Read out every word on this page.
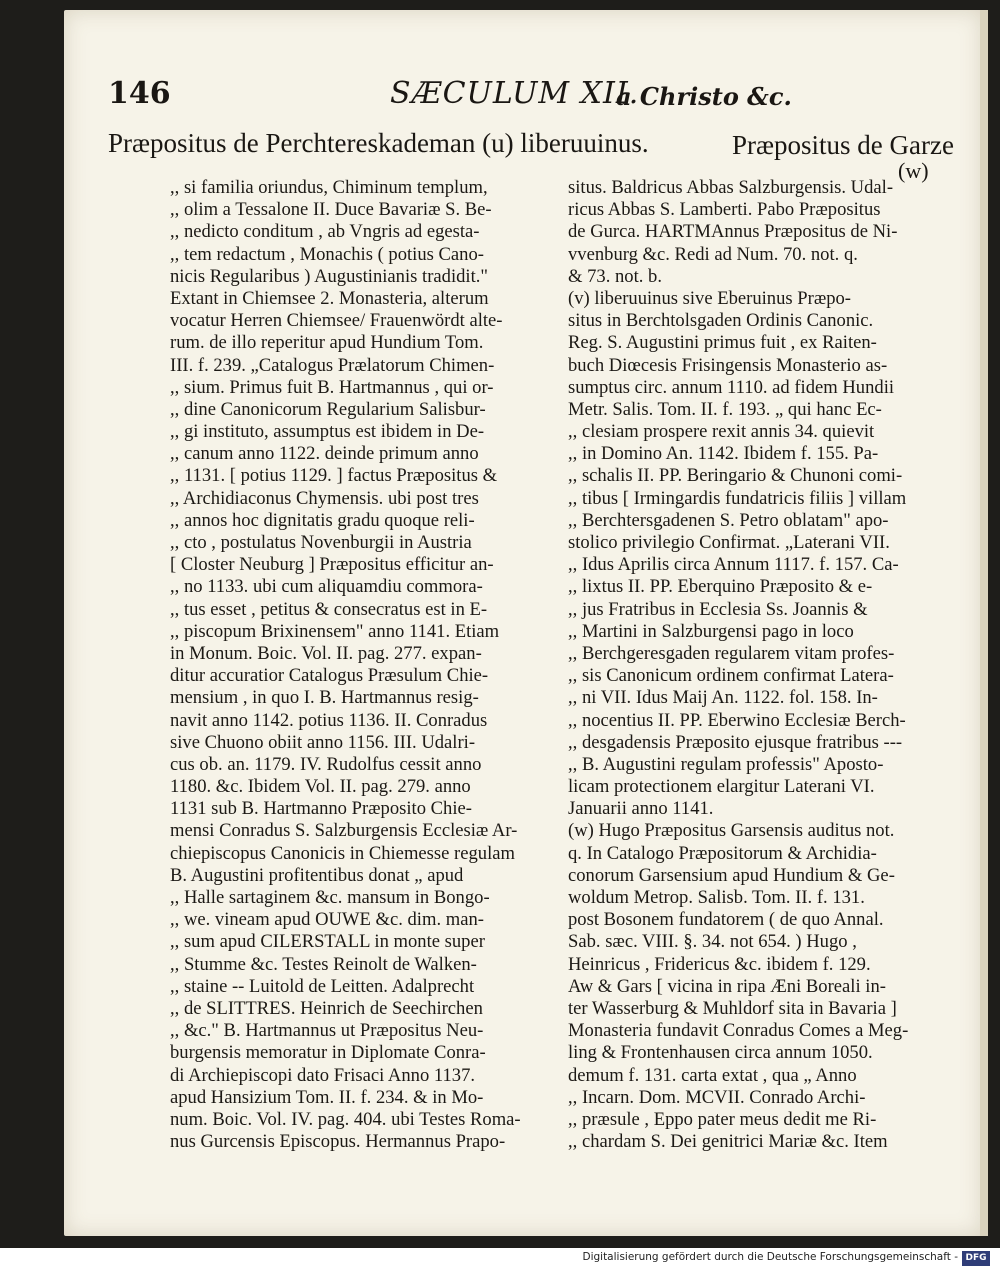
146	SÆCULUM XII.
a Christo &c.
Præpositus de Perchtereskademan (u) liberuuinus.	Præpositus de Garze
(w)
,, si familia oriundus, Chiminum templum,
,, olim a Tessalone II. Duce Bavariæ S. Be-
,, nedicto conditum , ab Vngris ad egesta-
,, tem redactum , Monachis ( potius Cano-
nicis Regularibus ) Augustinianis tradidit."
Extant in Chiemsee 2. Monasteria, alterum
vocatur Herren Chiemsee/ Frauenwördt alte-
rum. de illo reperitur apud Hundium Tom.
III. f. 239. „Catalogus Prælatorum Chimen-
,, sium. Primus fuit B. Hartmannus , qui or-
,, dine Canonicorum Regularium Salisbur-
,, gi instituto, assumptus est ibidem in De-
,, canum anno 1122. deinde primum anno
,, 1131. [ potius 1129. ] factus Præpositus &
,, Archidiaconus Chymensis. ubi post tres
,, annos hoc dignitatis gradu quoque reli-
,, cto , postulatus Novenburgii in Austria
[ Closter Neuburg ] Præpositus efficitur an-
,, no 1133. ubi cum aliquamdiu commora-
,, tus esset , petitus & consecratus est in E-
,, piscopum Brixinensem" anno 1141. Etiam
in Monum. Boic. Vol. II. pag. 277. expan-
ditur accuratior Catalogus Præsulum Chie-
mensium , in quo I. B. Hartmannus resig-
navit anno 1142. potius 1136. II. Conradus
sive Chuono obiit anno 1156. III. Udalri-
cus ob. an. 1179. IV. Rudolfus cessit anno
1180. &c. Ibidem Vol. II. pag. 279. anno
1131 sub B. Hartmanno Præposito Chie-
mensi Conradus S. Salzburgensis Ecclesiæ Ar-
chiepiscopus Canonicis in Chiemesse regulam
B. Augustini profitentibus donat „ apud
,, Halle sartaginem &c. mansum in Bongo-
,, we. vineam apud OUWE &c. dim. man-
,, sum apud CILERSTALL in monte super
,, Stumme &c. Testes Reinolt de Walken-
,, staine -- Luitold de Leitten. Adalprecht
,, de SLITTRES. Heinrich de Seechirchen
,, &c." B. Hartmannus ut Præpositus Neu-
burgensis memoratur in Diplomate Conra-
di Archiepiscopi dato Frisaci Anno 1137.
apud Hansizium Tom. II. f. 234. & in Mo-
num. Boic. Vol. IV. pag. 404. ubi Testes Roma-
nus Gurcensis Episcopus. Hermannus Prapo-
situs. Baldricus Abbas Salzburgensis. Udal-
ricus Abbas S. Lamberti. Pabo Præpositus
de Gurca. HARTMAnnus Præpositus de Ni-
vvenburg &c. Redi ad Num. 70. not. q.
& 73. not. b.
(v) liberuuinus sive Eberuinus Præpo-
situs in Berchtolsgaden Ordinis Canonic.
Reg. S. Augustini primus fuit , ex Raiten-
buch Diœcesis Frisingensis Monasterio as-
sumptus circ. annum 1110. ad fidem Hundii
Metr. Salis. Tom. II. f. 193. „ qui hanc Ec-
,, clesiam prospere rexit annis 34. quievit
,, in Domino An. 1142. Ibidem f. 155. Pa-
,, schalis II. PP. Beringario & Chunoni comi-
,, tibus [ Irmingardis fundatricis filiis ] villam
,, Berchtersgadenen S. Petro oblatam" apo-
stolico privilegio Confirmat. „Laterani VII.
,, Idus Aprilis circa Annum 1117. f. 157. Ca-
,, lixtus II. PP. Eberquino Præposito & e-
,, jus Fratribus in Ecclesia Ss. Joannis &
,, Martini in Salzburgensi pago in loco
,, Berchgeresgaden regularem vitam profes-
,, sis Canonicum ordinem confirmat Latera-
,, ni VII. Idus Maij An. 1122. fol. 158. In-
,, nocentius II. PP. Eberwino Ecclesiæ Berch-
,, desgadensis Præposito ejusque fratribus ---
,, B. Augustini regulam professis" Aposto-
licam protectionem elargitur Laterani VI.
Januarii anno 1141.
(w) Hugo Præpositus Garsensis auditus not.
q. In Catalogo Præpositorum & Archidia-
conorum Garsensium apud Hundium & Ge-
woldum Metrop. Salisb. Tom. II. f. 131.
post Bosonem fundatorem ( de quo Annal.
Sab. sæc. VIII. §. 34. not 654. ) Hugo ,
Heinricus , Fridericus &c. ibidem f. 129.
Aw & Gars [ vicina in ripa Æni Boreali in-
ter Wasserburg & Muhldorf sita in Bavaria ]
Monasteria fundavit Conradus Comes a Meg-
ling & Frontenhausen circa annum 1050.
demum f. 131. carta extat , qua „ Anno
,, Incarn. Dom. MCVII. Conrado Archi-
,, præsule , Eppo pater meus dedit me Ri-
,, chardam S. Dei genitrici Mariæ &c. Item
Digitalisierung gefördert durch die Deutsche Forschungsgemeinschaft - DFG
